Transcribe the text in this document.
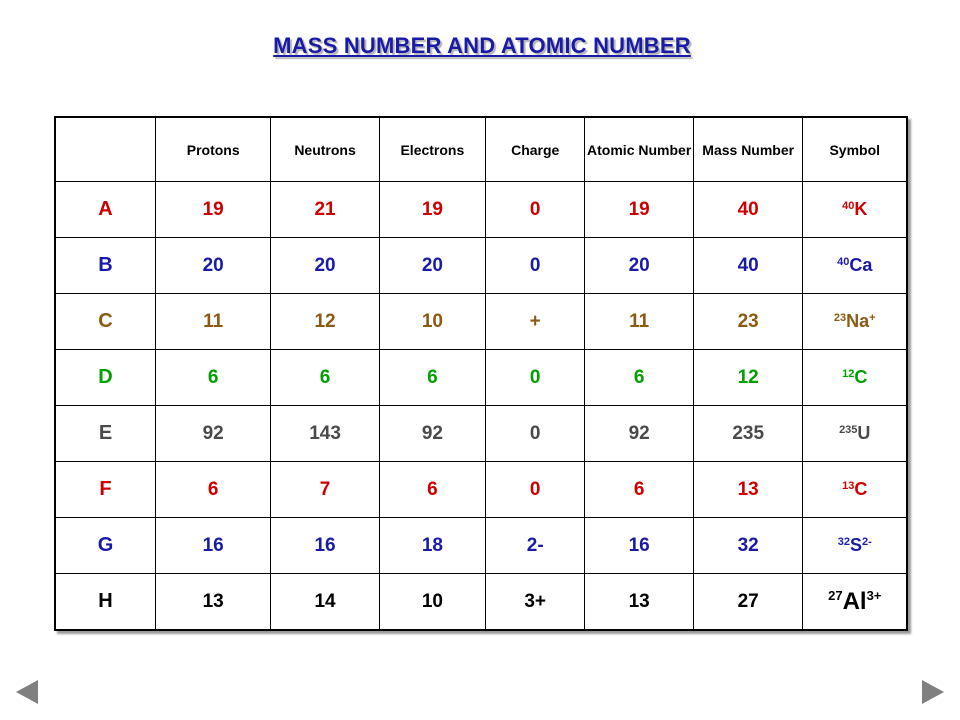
MASS NUMBER AND ATOMIC NUMBER
	Protons	Neutrons	Electrons	Charge	Atomic Number	Mass Number	Symbol
A	19	21	19	0	19	40	$^{40}$K
B	20	20	20	0	20	40	$^{40}$Ca
C	11	12	10	+	11	23	$^{23}$Na+
D	6	6	6	0	6	12	$^{12}$C
E	92	143	92	0	92	235	$^{235}$U
F	6	7	6	0	6	13	$^{13}$C
G	16	16	18	2-	16	32	$^{32}S^{2-}$
H	13	14	10	3+	13	27	$^{27}Al^{3+}$
